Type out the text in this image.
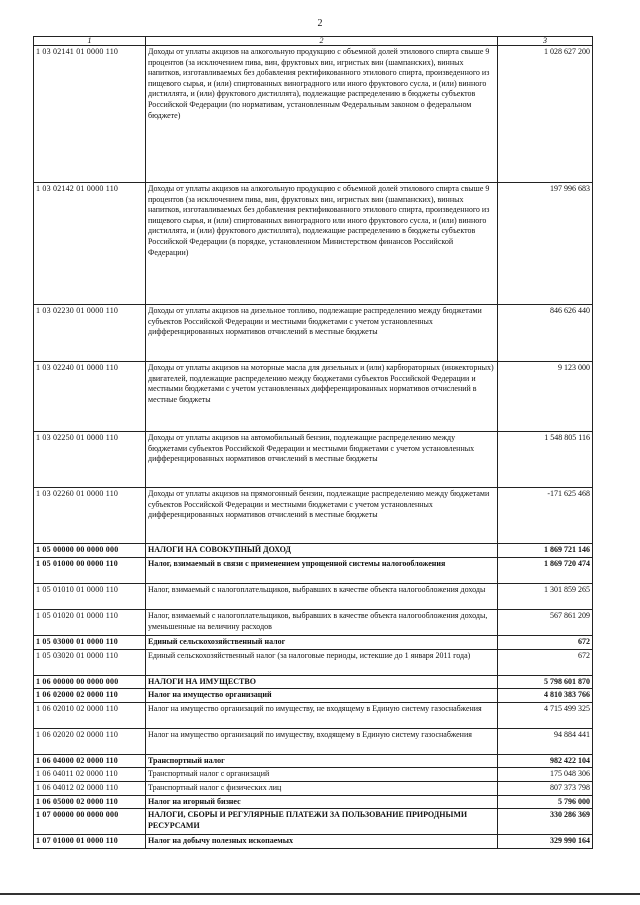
2
1	2	3
1 03 02141 01 0000 110	Доходы от уплаты акцизов на алкогольную продукцию с объемной долей этилового спирта свыше 9 процентов (за исключением пива, вин, фруктовых вин, игристых вин (шампанских), винных напитков, изготавливаемых без добавления ректификованного этилового спирта, произведенного из пищевого сырья, и (или) спиртованных виноградного или иного фруктового сусла, и (или) винного дистиллята, и (или) фруктового дистиллята), подлежащие распределению в бюджеты субъектов Российской Федерации (по нормативам, установленным Федеральным законом о федеральном бюджете)	1 028 627 200
1 03 02142 01 0000 110	Доходы от уплаты акцизов на алкогольную продукцию с объемной долей этилового спирта свыше 9 процентов (за исключением пива, вин, фруктовых вин, игристых вин (шампанских), винных напитков, изготавливаемых без добавления ректификованного этилового спирта, произведенного из пищевого сырья, и (или) спиртованных виноградного или иного фруктового сусла, и (или) винного дистиллята, и (или) фруктового дистиллята), подлежащие распределению в бюджеты субъектов Российской Федерации (в порядке, установленном Министерством финансов Российской Федерации)	197 996 683
1 03 02230 01 0000 110	Доходы от уплаты акцизов на дизельное топливо, подлежащие распределению между бюджетами субъектов Российской Федерации и местными бюджетами с учетом установленных дифференцированных нормативов отчислений в местные бюджеты	846 626 440
1 03 02240 01 0000 110	Доходы от уплаты акцизов на моторные масла для дизельных и (или) карбюраторных (инжекторных) двигателей, подлежащие распределению между бюджетами субъектов Российской Федерации и местными бюджетами с учетом установленных дифференцированных нормативов отчислений в местные бюджеты	9 123 000
1 03 02250 01 0000 110	Доходы от уплаты акцизов на автомобильный бензин, подлежащие распределению между бюджетами субъектов Российской Федерации и местными бюджетами с учетом установленных дифференцированных нормативов отчислений в местные бюджеты	1 548 805 116
1 03 02260 01 0000 110	Доходы от уплаты акцизов на прямогонный бензин, подлежащие распределению между бюджетами субъектов Российской Федерации и местными бюджетами с учетом установленных дифференцированных нормативов отчислений в местные бюджеты	-171 625 468
1 05 00000 00 0000 000	НАЛОГИ НА СОВОКУПНЫЙ ДОХОД	1 869 721 146
1 05 01000 00 0000 110	Налог, взимаемый в связи с применением упрощенной системы налогообложения	1 869 720 474
1 05 01010 01 0000 110	Налог, взимаемый с налогоплательщиков, выбравших в качестве объекта налогообложения доходы	1 301 859 265
1 05 01020 01 0000 110	Налог, взимаемый с налогоплательщиков, выбравших в качестве объекта налогообложения доходы, уменьшенные на величину расходов	567 861 209
1 05 03000 01 0000 110	Единый сельскохозяйственный налог	672
1 05 03020 01 0000 110	Единый сельскохозяйственный налог (за налоговые периоды, истекшие до 1 января 2011 года)	672
1 06 00000 00 0000 000	НАЛОГИ НА ИМУЩЕСТВО	5 798 601 870
1 06 02000 02 0000 110	Налог на имущество организаций	4 810 383 766
1 06 02010 02 0000 110	Налог на имущество организаций по имуществу, не входящему в Единую систему газоснабжения	4 715 499 325
1 06 02020 02 0000 110	Налог на имущество организаций по имуществу, входящему в Единую систему газоснабжения	94 884 441
1 06 04000 02 0000 110	Транспортный налог	982 422 104
1 06 04011 02 0000 110	Транспортный налог с организаций	175 048 306
1 06 04012 02 0000 110	Транспортный налог с физических лиц	807 373 798
1 06 05000 02 0000 110	Налог на игорный бизнес	5 796 000
1 07 00000 00 0000 000	НАЛОГИ, СБОРЫ И РЕГУЛЯРНЫЕ ПЛАТЕЖИ ЗА ПОЛЬЗОВАНИЕ ПРИРОДНЫМИ РЕСУРСАМИ	330 286 369
1 07 01000 01 0000 110	Налог на добычу полезных ископаемых	329 990 164
